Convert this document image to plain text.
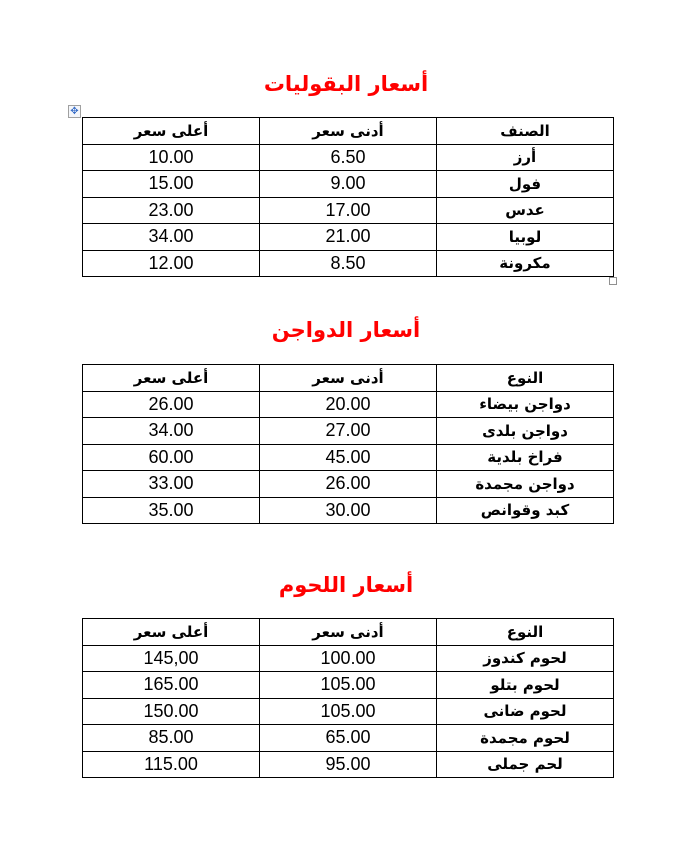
أسعار البقوليات
✥
الصنف	أدنى سعر	أعلى سعر
أرز	6.50	10.00
فول	9.00	15.00
عدس	17.00	23.00
لوبيا	21.00	34.00
مكرونة	8.50	12.00
أسعار الدواجن
النوع	أدنى سعر	أعلى سعر
دواجن بيضاء	20.00	26.00
دواجن بلدى	27.00	34.00
فراخ بلدية	45.00	60.00
دواجن مجمدة	26.00	33.00
كبد وقوانص	30.00	35.00
أسعار اللحوم
النوع	أدنى سعر	أعلى سعر
لحوم كندوز	100.00	145,00
لحوم بتلو	105.00	165.00
لحوم ضانى	105.00	150.00
لحوم مجمدة	65.00	85.00
لحم جملى	95.00	115.00
